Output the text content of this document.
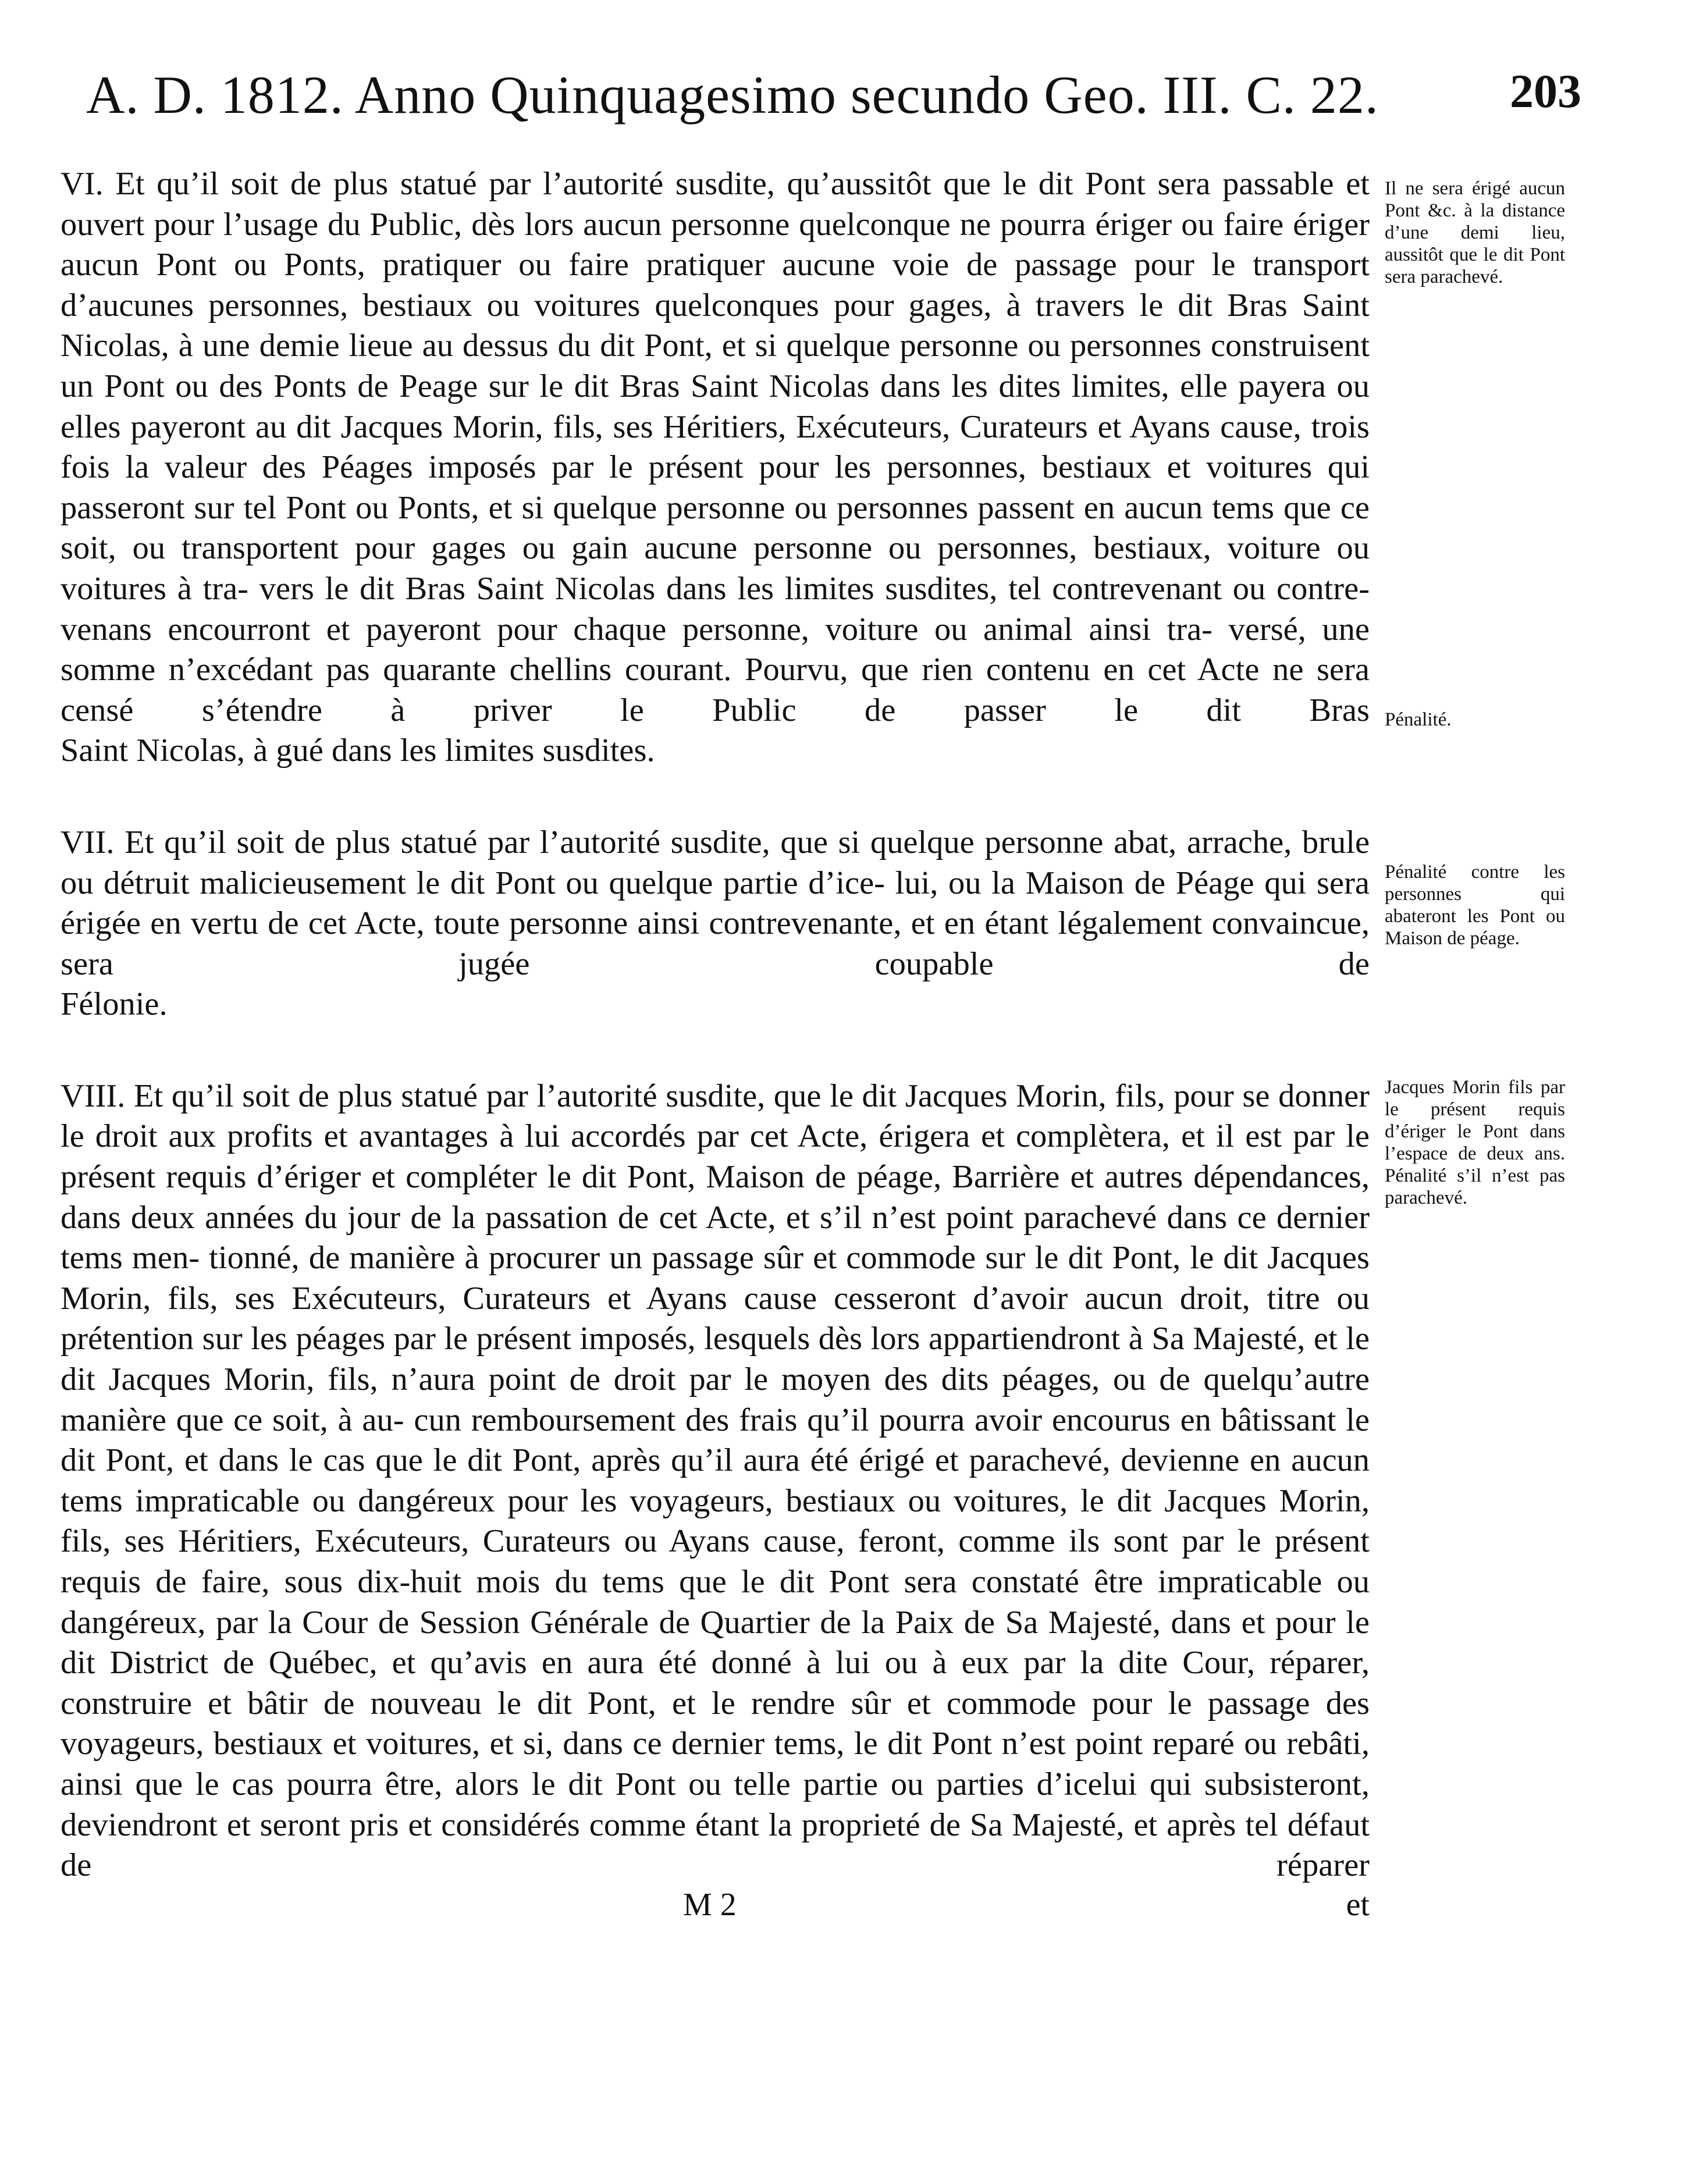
A. D. 1812. Anno Quinquagesimo secundo Geo. III. C. 22.	203

VI. Et qu’il soit de plus statué par l’autorité susdite, qu’aussitôt que le dit Pont sera passable et ouvert pour l’usage du Public, dès lors aucun personne quelconque ne pourra ériger ou faire ériger aucun Pont ou Ponts, pratiquer ou faire pratiquer aucune voie de passage pour le transport d’aucunes personnes, bestiaux ou voitures quelconques pour gages, à travers le dit Bras Saint Nicolas, à une demie lieue au dessus du dit Pont, et si quelque personne ou personnes construisent un Pont ou des Ponts de Peage sur le dit Bras Saint Nicolas dans les dites limites, elle payera ou elles payeront au dit Jacques Morin, fils, ses Héritiers, Exécuteurs, Curateurs et Ayans cause, trois fois la valeur des Péages imposés par le présent pour les personnes, bestiaux et voitures qui passeront sur tel Pont ou Ponts, et si quelque personne ou personnes passent en aucun tems que ce soit, ou transportent pour gages ou gain aucune personne ou personnes, bestiaux, voiture ou voitures à tra- vers le dit Bras Saint Nicolas dans les limites susdites, tel contrevenant ou contre- venans encourront et payeront pour chaque personne, voiture ou animal ainsi tra- versé, une somme n’excédant pas quarante chellins courant. Pourvu, que rien contenu en cet Acte ne sera censé s’étendre à priver le Public de passer le dit Bras
Saint Nicolas, à gué dans les limites susdites.

VII. Et qu’il soit de plus statué par l’autorité susdite, que si quelque personne abat, arrache, brule ou détruit malicieusement le dit Pont ou quelque partie d’ice- lui, ou la Maison de Péage qui sera érigée en vertu de cet Acte, toute personne ainsi contrevenante, et en étant légalement convaincue, sera jugée coupable de
Félonie.

VIII. Et qu’il soit de plus statué par l’autorité susdite, que le dit Jacques Morin, fils, pour se donner le droit aux profits et avantages à lui accordés par cet Acte, érigera et complètera, et il est par le présent requis d’ériger et compléter le dit Pont, Maison de péage, Barrière et autres dépendances, dans deux années du jour de la passation de cet Acte, et s’il n’est point parachevé dans ce dernier tems men- tionné, de manière à procurer un passage sûr et commode sur le dit Pont, le dit Jacques Morin, fils, ses Exécuteurs, Curateurs et Ayans cause cesseront d’avoir aucun droit, titre ou prétention sur les péages par le présent imposés, lesquels dès lors appartiendront à Sa Majesté, et le dit Jacques Morin, fils, n’aura point de droit par le moyen des dits péages, ou de quelqu’autre manière que ce soit, à au- cun remboursement des frais qu’il pourra avoir encourus en bâtissant le dit Pont, et dans le cas que le dit Pont, après qu’il aura été érigé et parachevé, devienne en aucun tems impraticable ou dangéreux pour les voyageurs, bestiaux ou voitures, le dit Jacques Morin, fils, ses Héritiers, Exécuteurs, Curateurs ou Ayans cause, feront, comme ils sont par le présent requis de faire, sous dix-huit mois du tems que le dit Pont sera constaté être impraticable ou dangéreux, par la Cour de Session Générale de Quartier de la Paix de Sa Majesté, dans et pour le dit District de Québec, et qu’avis en aura été donné à lui ou à eux par la dite Cour, réparer, construire et bâtir de nouveau le dit Pont, et le rendre sûr et commode pour le passage des voyageurs, bestiaux et voitures, et si, dans ce dernier tems, le dit Pont n’est point reparé ou rebâti, ainsi que le cas pourra être, alors le dit Pont ou telle partie ou parties d’icelui qui subsisteront, deviendront et seront pris et considérés comme étant la proprieté de Sa Majesté, et après tel défaut de réparer

M 2	et
Il ne sera érigé aucun Pont &c. à la distance d’une demi lieu, aussitôt que le dit Pont sera parachevé.
Pénalité.
Pénalité contre les personnes qui abateront les Pont ou Maison de péage.
Jacques Morin fils par le présent requis d’ériger le Pont dans l’espace de deux ans. Pénalité s’il n’est pas parachevé.
